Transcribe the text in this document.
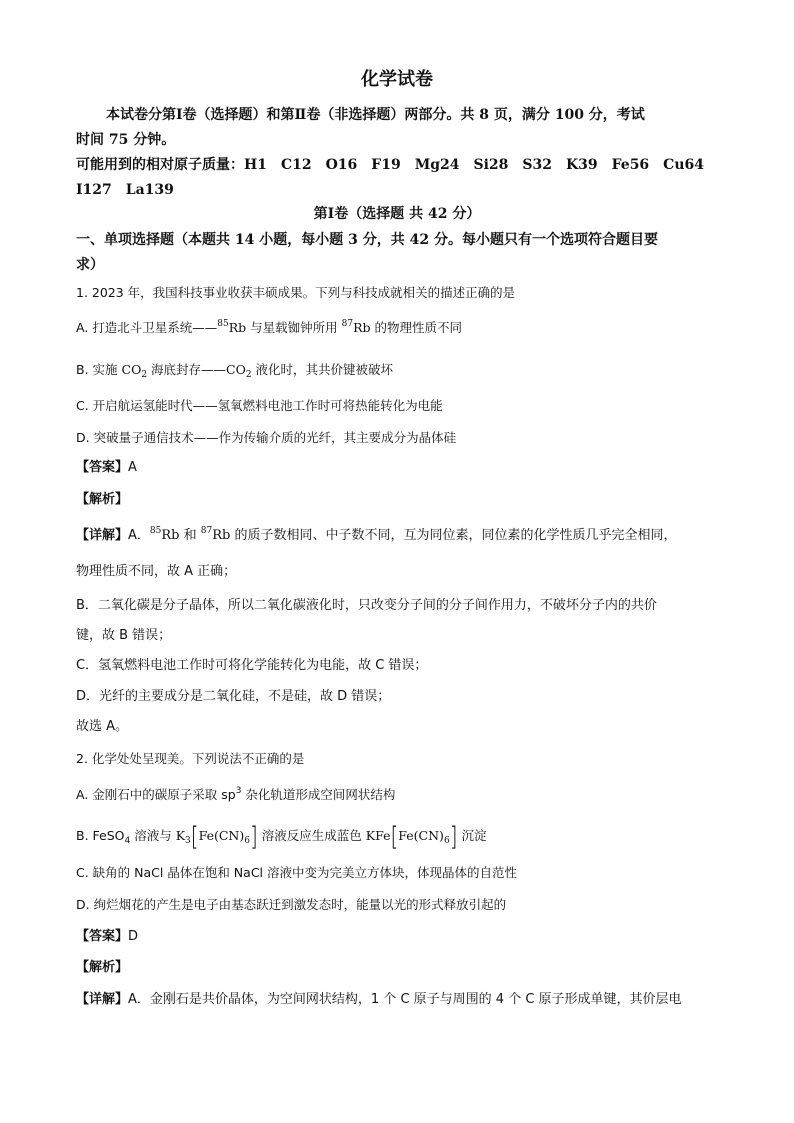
化学试卷
本试卷分第Ⅰ卷（选择题）和第Ⅱ卷（非选择题）两部分。共 8 页，满分 100 分，考试
时间 75 分钟。
可能用到的相对原子质量：H1　C12　O16　F19　Mg24　Si28　S32　K39　Fe56　Cu64
I127　La139
第Ⅰ卷（选择题 共 42 分）
一、单项选择题（本题共 14 小题，每小题 3 分，共 42 分。每小题只有一个选项符合题目要
求）
1. 2023 年，我国科技事业收获丰硕成果。下列与科技成就相关的描述正确的是
A. 打造北斗卫星系统——$^{85}$Rb 与星载铷钟所用 $^{87}$Rb 的物理性质不同
B. 实施 $CO_2$ 海底封存$——CO_2$ 液化时，其共价键被破坏
C. 开启航运氢能时代——氢氧燃料电池工作时可将热能转化为电能
D. 突破量子通信技术——作为传输介质的光纤，其主要成分为晶体硅
【答案】A
【解析】
【详解】A．$^{85}$Rb 和 $^{87}$Rb 的质子数相同、中子数不同，互为同位素，同位素的化学性质几乎完全相同，
物理性质不同，故 A 正确；
B．二氧化碳是分子晶体，所以二氧化碳液化时，只改变分子间的分子间作用力，不破坏分子内的共价
键，故 B 错误；
C．氢氧燃料电池工作时可将化学能转化为电能，故 C 错误；
D．光纤的主要成分是二氧化硅，不是硅，故 D 错误；
故选 A。
2. 化学处处呈现美。下列说法不正确的是
A. 金刚石中的碳原子采取 $sp^3$ 杂化轨道形成空间网状结构
B. FeSO$_4$ 溶液与 $K_3[Fe(CN)_6]$ 溶液反应生成蓝色 $KFe[Fe(CN)_6]$ 沉淀
C. 缺角的 NaCl 晶体在饱和 NaCl 溶液中变为完美立方体块，体现晶体的自范性
D. 绚烂烟花的产生是电子由基态跃迁到激发态时，能量以光的形式释放引起的
【答案】D
【解析】
【详解】A．金刚石是共价晶体，为空间网状结构，1 个 C 原子与周围的 4 个 C 原子形成单键，其价层电
